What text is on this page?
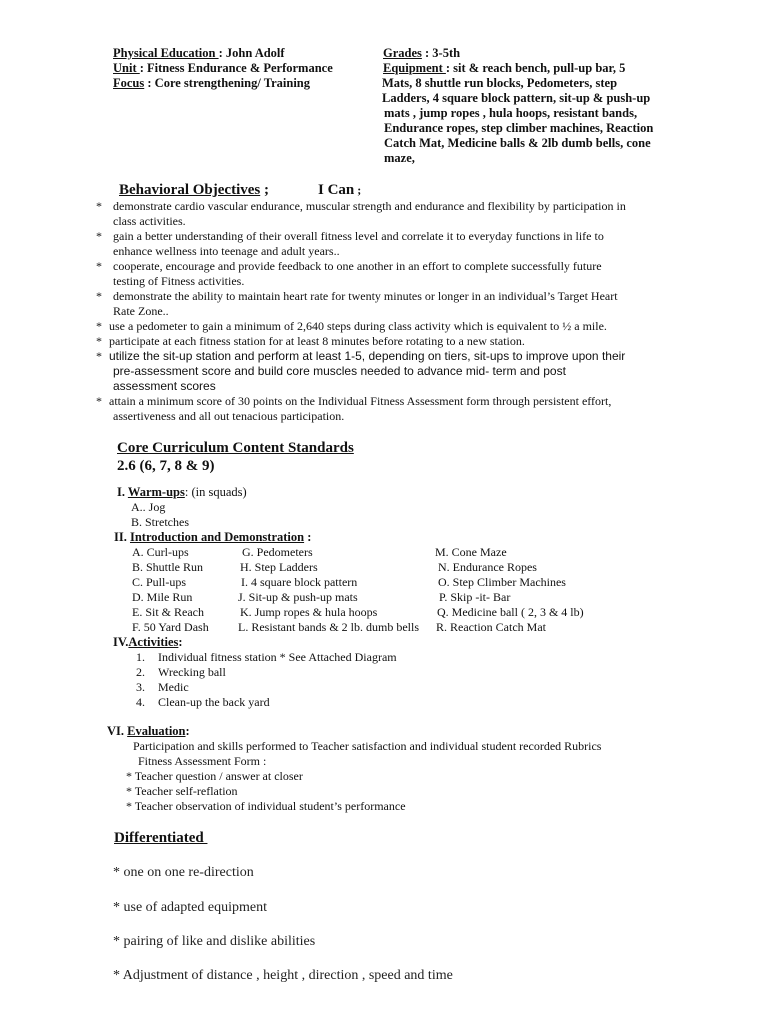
Physical Education : John Adolf
Unit : Fitness Endurance & Performance
Focus : Core strengthening/ Training
Grades : 3-5th
Equipment : sit & reach bench, pull-up bar, 5
Mats, 8 shuttle run blocks, Pedometers, step
Ladders, 4 square block pattern, sit-up & push-up
mats , jump ropes , hula hoops, resistant bands,
Endurance ropes, step climber machines, Reaction
Catch Mat, Medicine balls & 2lb dumb bells, cone
maze,
Behavioral Objectives ;	I Can ;
* demonstrate cardio vascular endurance, muscular strength and endurance and flexibility by participation in
class activities.
* gain a better understanding of their overall fitness level and correlate it to everyday functions in life to
enhance wellness into teenage and adult years..
* cooperate, encourage and provide feedback to one another in an effort to complete successfully future
testing of Fitness activities.
* demonstrate the ability to maintain heart rate for twenty minutes or longer in an individual’s Target Heart
Rate Zone..
* use a pedometer to gain a minimum of 2,640 steps during class activity which is equivalent to ½ a mile.
* participate at each fitness station for at least 8 minutes before rotating to a new station.
* utilize the sit-up station and perform at least 1-5, depending on tiers, sit-ups to improve upon their
pre-assessment score and build core muscles needed to advance mid- term and post
assessment scores
* attain a minimum score of 30 points on the Individual Fitness Assessment form through persistent effort,
assertiveness and all out tenacious participation.
Core Curriculum Content Standards
2.6 (6, 7, 8 & 9)
I. Warm-ups: (in squads)
A.. Jog
B. Stretches
II. Introduction and Demonstration :
A. Curl-ups
B. Shuttle Run
C. Pull-ups
D. Mile Run
E. Sit & Reach
F. 50 Yard Dash
G. Pedometers
H. Step Ladders
I. 4 square block pattern
J. Sit-up & push-up mats
K. Jump ropes & hula hoops
L. Resistant bands & 2 lb. dumb bells
M. Cone Maze
N. Endurance Ropes
O. Step Climber Machines
P. Skip -it- Bar
Q. Medicine ball ( 2, 3 & 4 lb)
R. Reaction Catch Mat
IV.Activities:
1. Individual fitness station * See Attached Diagram
2. Wrecking ball
3. Medic
4. Clean-up the back yard
VI. Evaluation:
Participation and skills performed to Teacher satisfaction and individual student recorded Rubrics
Fitness Assessment Form :
* Teacher question / answer at closer
* Teacher self-reflation
* Teacher observation of individual student’s performance
Differentiated
* one on one re-direction
* use of adapted equipment
* pairing of like and dislike abilities
* Adjustment of distance , height , direction , speed and time
